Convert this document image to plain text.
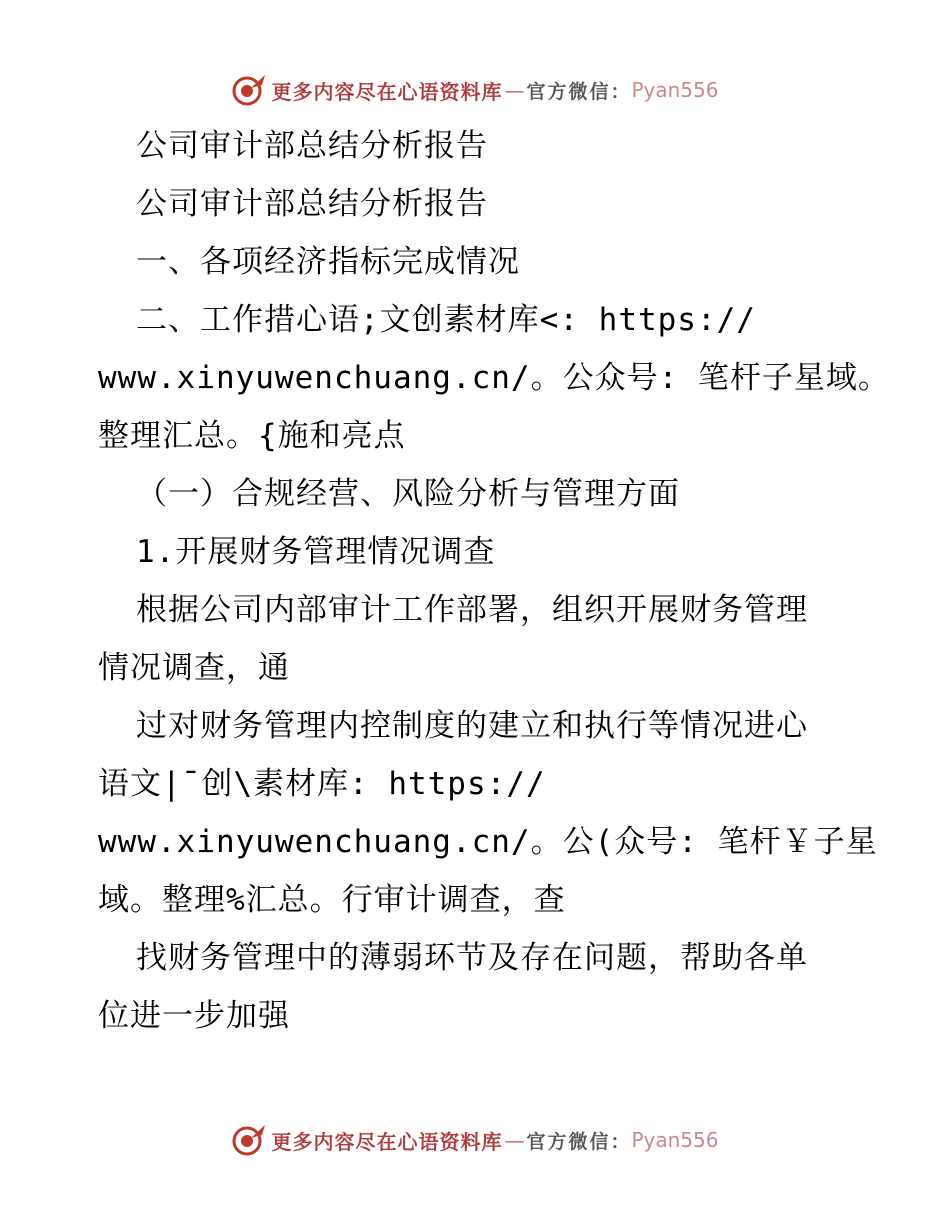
更多内容尽在心语资料库 — 官方微信： Pyan556
公司审计部总结分析报告
公司审计部总结分析报告
一、各项经济指标完成情况
二、工作措心语;文创素材库<: https://
www.xinyuwenchuang.cn/。公众号: 笔杆子星域。
整理汇总。{施和亮点
（一）合规经营、风险分析与管理方面
1.开展财务管理情况调查
根据公司内部审计工作部署，组织开展财务管理
情况调查，通
过对财务管理内控制度的建立和执行等情况进心
语文|¯创\素材库: https://
www.xinyuwenchuang.cn/。公(众号: 笔杆￥子星
域。整理%汇总。行审计调查，查
找财务管理中的薄弱环节及存在问题，帮助各单
位进一步加强
更多内容尽在心语资料库 — 官方微信： Pyan556
